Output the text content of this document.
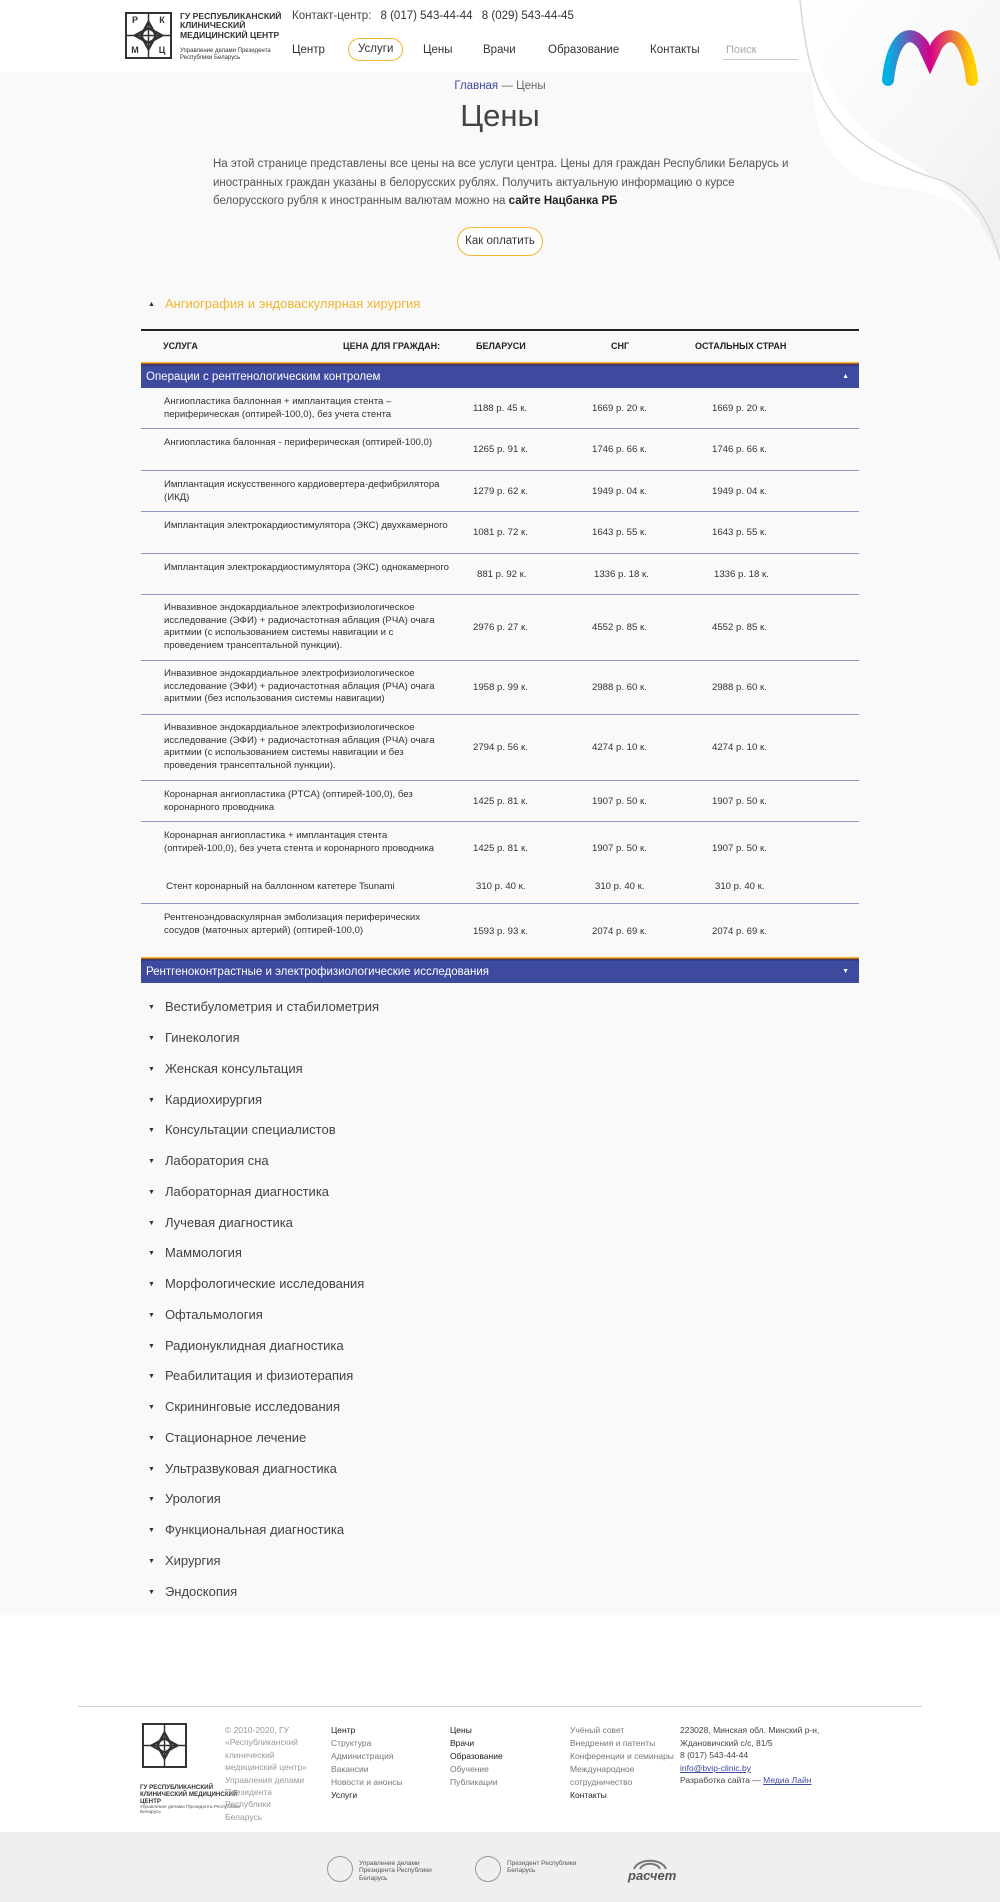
Р	К
М	Ц
ГУ РЕСПУБЛИКАНСКИЙ КЛИНИЧЕСКИЙ МЕДИЦИНСКИЙ ЦЕНТР
Управление делами Президента Республики Беларусь
Контакт-центр: 8 (017) 543-44-44 8 (029) 543-44-45
Центр	Услуги	Цены	Врачи	Образование	Контакты Поиск
Главная — Цены
Цены
На этой странице представлены все цены на все услуги центра. Цены для граждан Республики Беларусь и иностранных граждан указаны в белорусских рублях. Получить актуальную информацию о курсе белорусского рубля к иностранным валютам можно на сайте Нацбанка РБ
Как оплатить
▲ Ангиография и эндоваскулярная хирургия
УСЛУГА	ЦЕНА ДЛЯ ГРАЖДАН:	БЕЛАРУСИ	СНГ	ОСТАЛЬНЫХ СТРАН
Операции с рентгенологическим контролем	▲
Ангиопластика баллонная + имплантация стента – периферическая (оптирей-100,0), без учета стента
1188 р. 45 к.	1669 р. 20 к.	1669 р. 20 к.
Ангиопластика балонная - периферическая (оптирей-100,0)
1265 р. 91 к.	1746 р. 66 к.	1746 р. 66 к.
Имплантация искусственного кардиовертера-дефибрилятора (ИКД)
1279 р. 62 к.	1949 р. 04 к.	1949 р. 04 к.
Имплантация электрокардиостимулятора (ЭКС) двухкамерного
1081 р. 72 к.	1643 р. 55 к.	1643 р. 55 к.
Имплантация электрокардиостимулятора (ЭКС) однокамерного
881 р. 92 к.	1336 р. 18 к.	1336 р. 18 к.
Инвазивное эндокардиальное электрофизиологическое исследование (ЭФИ) + радиочастотная аблация (РЧА) очага аритмии (с использованием системы навигации и с проведением трансептальной пункции).
2976 р. 27 к.	4552 р. 85 к.	4552 р. 85 к.
Инвазивное эндокардиальное электрофизиологическое исследование (ЭФИ) + радиочастотная аблация (РЧА) очага аритмии (без использования системы навигации)
1958 р. 99 к.	2988 р. 60 к.	2988 р. 60 к.
Инвазивное эндокардиальное электрофизиологическое исследование (ЭФИ) + радиочастотная аблация (РЧА) очага аритмии (с использованием системы навигации и без проведения трансептальной пункции).
2794 р. 56 к.	4274 р. 10 к.	4274 р. 10 к.
Коронарная ангиопластика (PTCA) (оптирей-100,0), без коронарного проводника
1425 р. 81 к.	1907 р. 50 к.	1907 р. 50 к.
Коронарная ангиопластика + имплантация стента (оптирей-100,0), без учета стента и коронарного проводника	1425 р. 81 к.	1907 р. 50 к.	1907 р. 50 к.
Стент коронарный на баллонном катетере Tsunami	310 р. 40 к.	310 р. 40 к.	310 р. 40 к.
Рентгеноэндоваскулярная эмболизация периферических сосудов (маточных артерий) (оптирей-100,0)	1593 р. 93 к.	2074 р. 69 к.	2074 р. 69 к.
Рентгеноконтрастные и электрофизиологические исследования	▼
▼ Вестибулометрия и стабилометрия
▼ Гинекология
▼ Женская консультация
▼ Кардиохирургия
▼ Консультации специалистов
▼ Лаборатория сна
▼ Лабораторная диагностика
▼ Лучевая диагностика
▼ Маммология
▼ Морфологические исследования
▼ Офтальмология
▼ Радионуклидная диагностика
▼ Реабилитация и физиотерапия
▼ Скрининговые исследования
▼ Стационарное лечение
▼ Ультразвуковая диагностика
▼ Урология
▼ Функциональная диагностика
▼ Хирургия
▼ Эндоскопия
ГУ РЕСПУБЛИКАНСКИЙ КЛИНИЧЕСКИЙ МЕДИЦИНСКИЙ ЦЕНТР
Управление делами Президента Республики Беларусь
© 2010-2020, ГУ «Республиканский клинический медицинский центр» Управления делами Президента Республики Беларусь
Центр
Структура
Администрация
Вакансии
Новости и анонсы
Услуги
Цены
Врачи
Образование
Обучение
Публикации
Учёный совет
Внедрения и патенты
Конференции и семинары
Международное сотрудничество
Контакты
223028, Минская обл. Минский р-н, Ждановичский с/с, 81/5
8 (017) 543-44-44
info@bvip-clinic.by
Разработка сайта — Медиа Лайн
Управление делами Президента Республики Беларусь
Президент Республики Беларусь	расчет
